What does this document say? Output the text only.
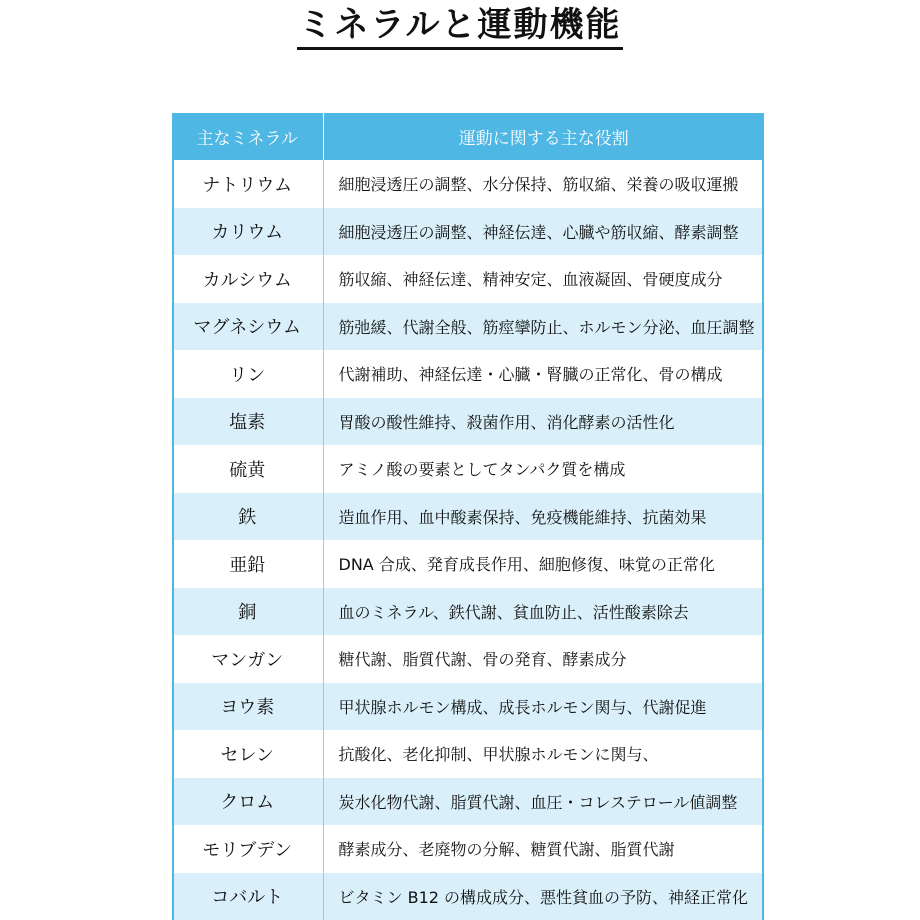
ミネラルと運動機能
主なミネラル	運動に関する主な役割
ナトリウム	細胞浸透圧の調整、水分保持、筋収縮、栄養の吸収運搬
カリウム	細胞浸透圧の調整、神経伝達、心臓や筋収縮、酵素調整
カルシウム	筋収縮、神経伝達、精神安定、血液凝固、骨硬度成分
マグネシウム	筋弛緩、代謝全般、筋痙攣防止、ホルモン分泌、血圧調整
リン	代謝補助、神経伝達・心臓・腎臓の正常化、骨の構成
塩素	胃酸の酸性維持、殺菌作用、消化酵素の活性化
硫黄	アミノ酸の要素としてタンパク質を構成
鉄	造血作用、血中酸素保持、免疫機能維持、抗菌効果
亜鉛	DNA 合成、発育成長作用、細胞修復、味覚の正常化
銅	血のミネラル、鉄代謝、貧血防止、活性酸素除去
マンガン	糖代謝、脂質代謝、骨の発育、酵素成分
ヨウ素	甲状腺ホルモン構成、成長ホルモン関与、代謝促進
セレン	抗酸化、老化抑制、甲状腺ホルモンに関与、
クロム	炭水化物代謝、脂質代謝、血圧・コレステロール値調整
モリブデン	酵素成分、老廃物の分解、糖質代謝、脂質代謝
コバルト	ビタミン B12 の構成成分、悪性貧血の予防、神経正常化
